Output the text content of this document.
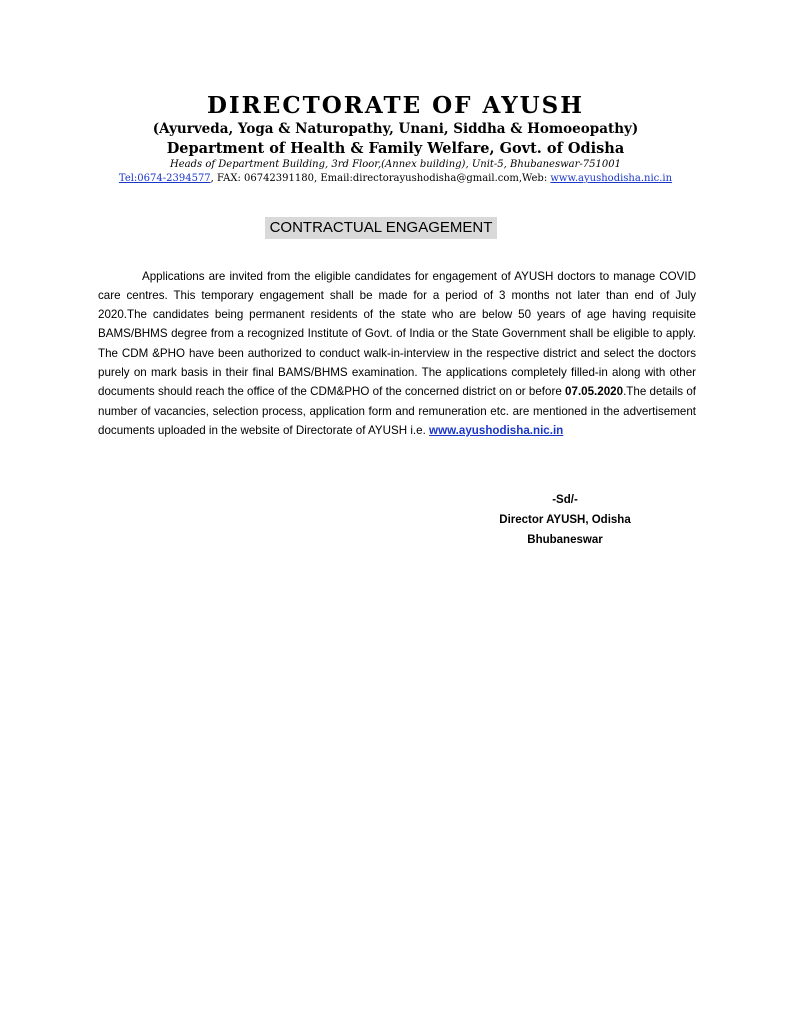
DIRECTORATE OF AYUSH
(Ayurveda, Yoga & Naturopathy, Unani, Siddha & Homoeopathy)
Department of Health & Family Welfare, Govt. of Odisha
Heads of Department Building, 3rd Floor,(Annex building), Unit-5, Bhubaneswar-751001
Tel:0674-2394577, FAX: 06742391180, Email:directorayushodisha@gmail.com,Web: www.ayushodisha.nic.in
CONTRACTUAL ENGAGEMENT

Applications are invited from the eligible candidates for engagement of AYUSH doctors to manage COVID care centres. This temporary engagement shall be made for a period of 3 months not later than end of July 2020.The candidates being permanent residents of the state who are below 50 years of age having requisite BAMS/BHMS degree from a recognized Institute of Govt. of India or the State Government shall be eligible to apply. The CDM &PHO have been authorized to conduct walk-in-interview in the respective district and select the doctors purely on mark basis in their final BAMS/BHMS examination. The applications completely filled-in along with other documents should reach the office of the CDM&PHO of the concerned district on or before 07.05.2020.The details of number of vacancies, selection process, application form and remuneration etc. are mentioned in the advertisement documents uploaded in the website of Directorate of AYUSH i.e. www.ayushodisha.nic.in

-Sd/-
Director AYUSH, Odisha
Bhubaneswar
